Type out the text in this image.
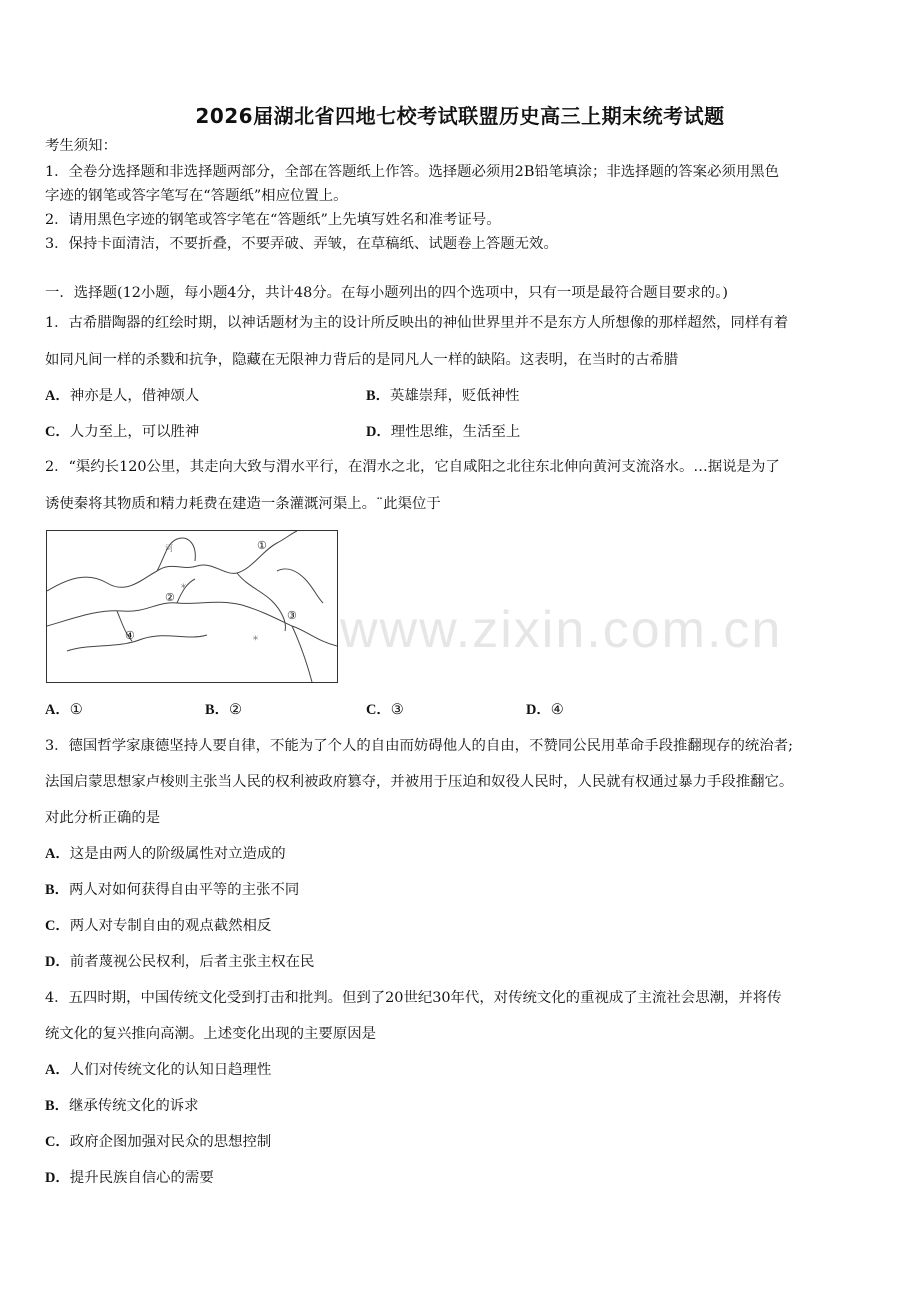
2026届湖北省四地七校考试联盟历史高三上期末统考试题
考生须知：
1．全卷分选择题和非选择题两部分，全部在答题纸上作答。选择题必须用2B铅笔填涂；非选择题的答案必须用黑色
字迹的钢笔或答字笔写在“答题纸”相应位置上。
2．请用黑色字迹的钢笔或答字笔在“答题纸”上先填写姓名和准考证号。
3．保持卡面清洁，不要折叠，不要弄破、弄皱，在草稿纸、试题卷上答题无效。
一．选择题(12小题，每小题4分，共计48分。在每小题列出的四个选项中，只有一项是最符合题目要求的。)
1．古希腊陶器的红绘时期，以神话题材为主的设计所反映出的神仙世界里并不是东方人所想像的那样超然，同样有着
如同凡间一样的杀戮和抗争，隐藏在无限神力背后的是同凡人一样的缺陷。这表明，在当时的古希腊
A．神亦是人，借神颂人	B．英雄崇拜，贬低神性
C．人力至上，可以胜神	D．理性思维，生活至上
2．“渠约长120公里，其走向大致与渭水平行，在渭水之北，它自咸阳之北往东北伸向黄河支流洛水。…据说是为了
诱使秦将其物质和精力耗费在建造一条灌溉河渠上。¨此渠位于
河
*
*
①
②
③
④
A．①	B．②	C．③	D．④
3．德国哲学家康德坚持人要自律，不能为了个人的自由而妨碍他人的自由，不赞同公民用革命手段推翻现存的统治者;
法国启蒙思想家卢梭则主张当人民的权利被政府篡夺，并被用于压迫和奴役人民时，人民就有权通过暴力手段推翻它。
对此分析正确的是
A．这是由两人的阶级属性对立造成的
B．两人对如何获得自由平等的主张不同
C．两人对专制自由的观点截然相反
D．前者蔑视公民权利，后者主张主权在民
4．五四时期，中国传统文化受到打击和批判。但到了20世纪30年代，对传统文化的重视成了主流社会思潮，并将传
统文化的复兴推向高潮。上述变化出现的主要原因是
A．人们对传统文化的认知日趋理性
B．继承传统文化的诉求
C．政府企图加强对民众的思想控制
D．提升民族自信心的需要
www.zixin.com.cn
